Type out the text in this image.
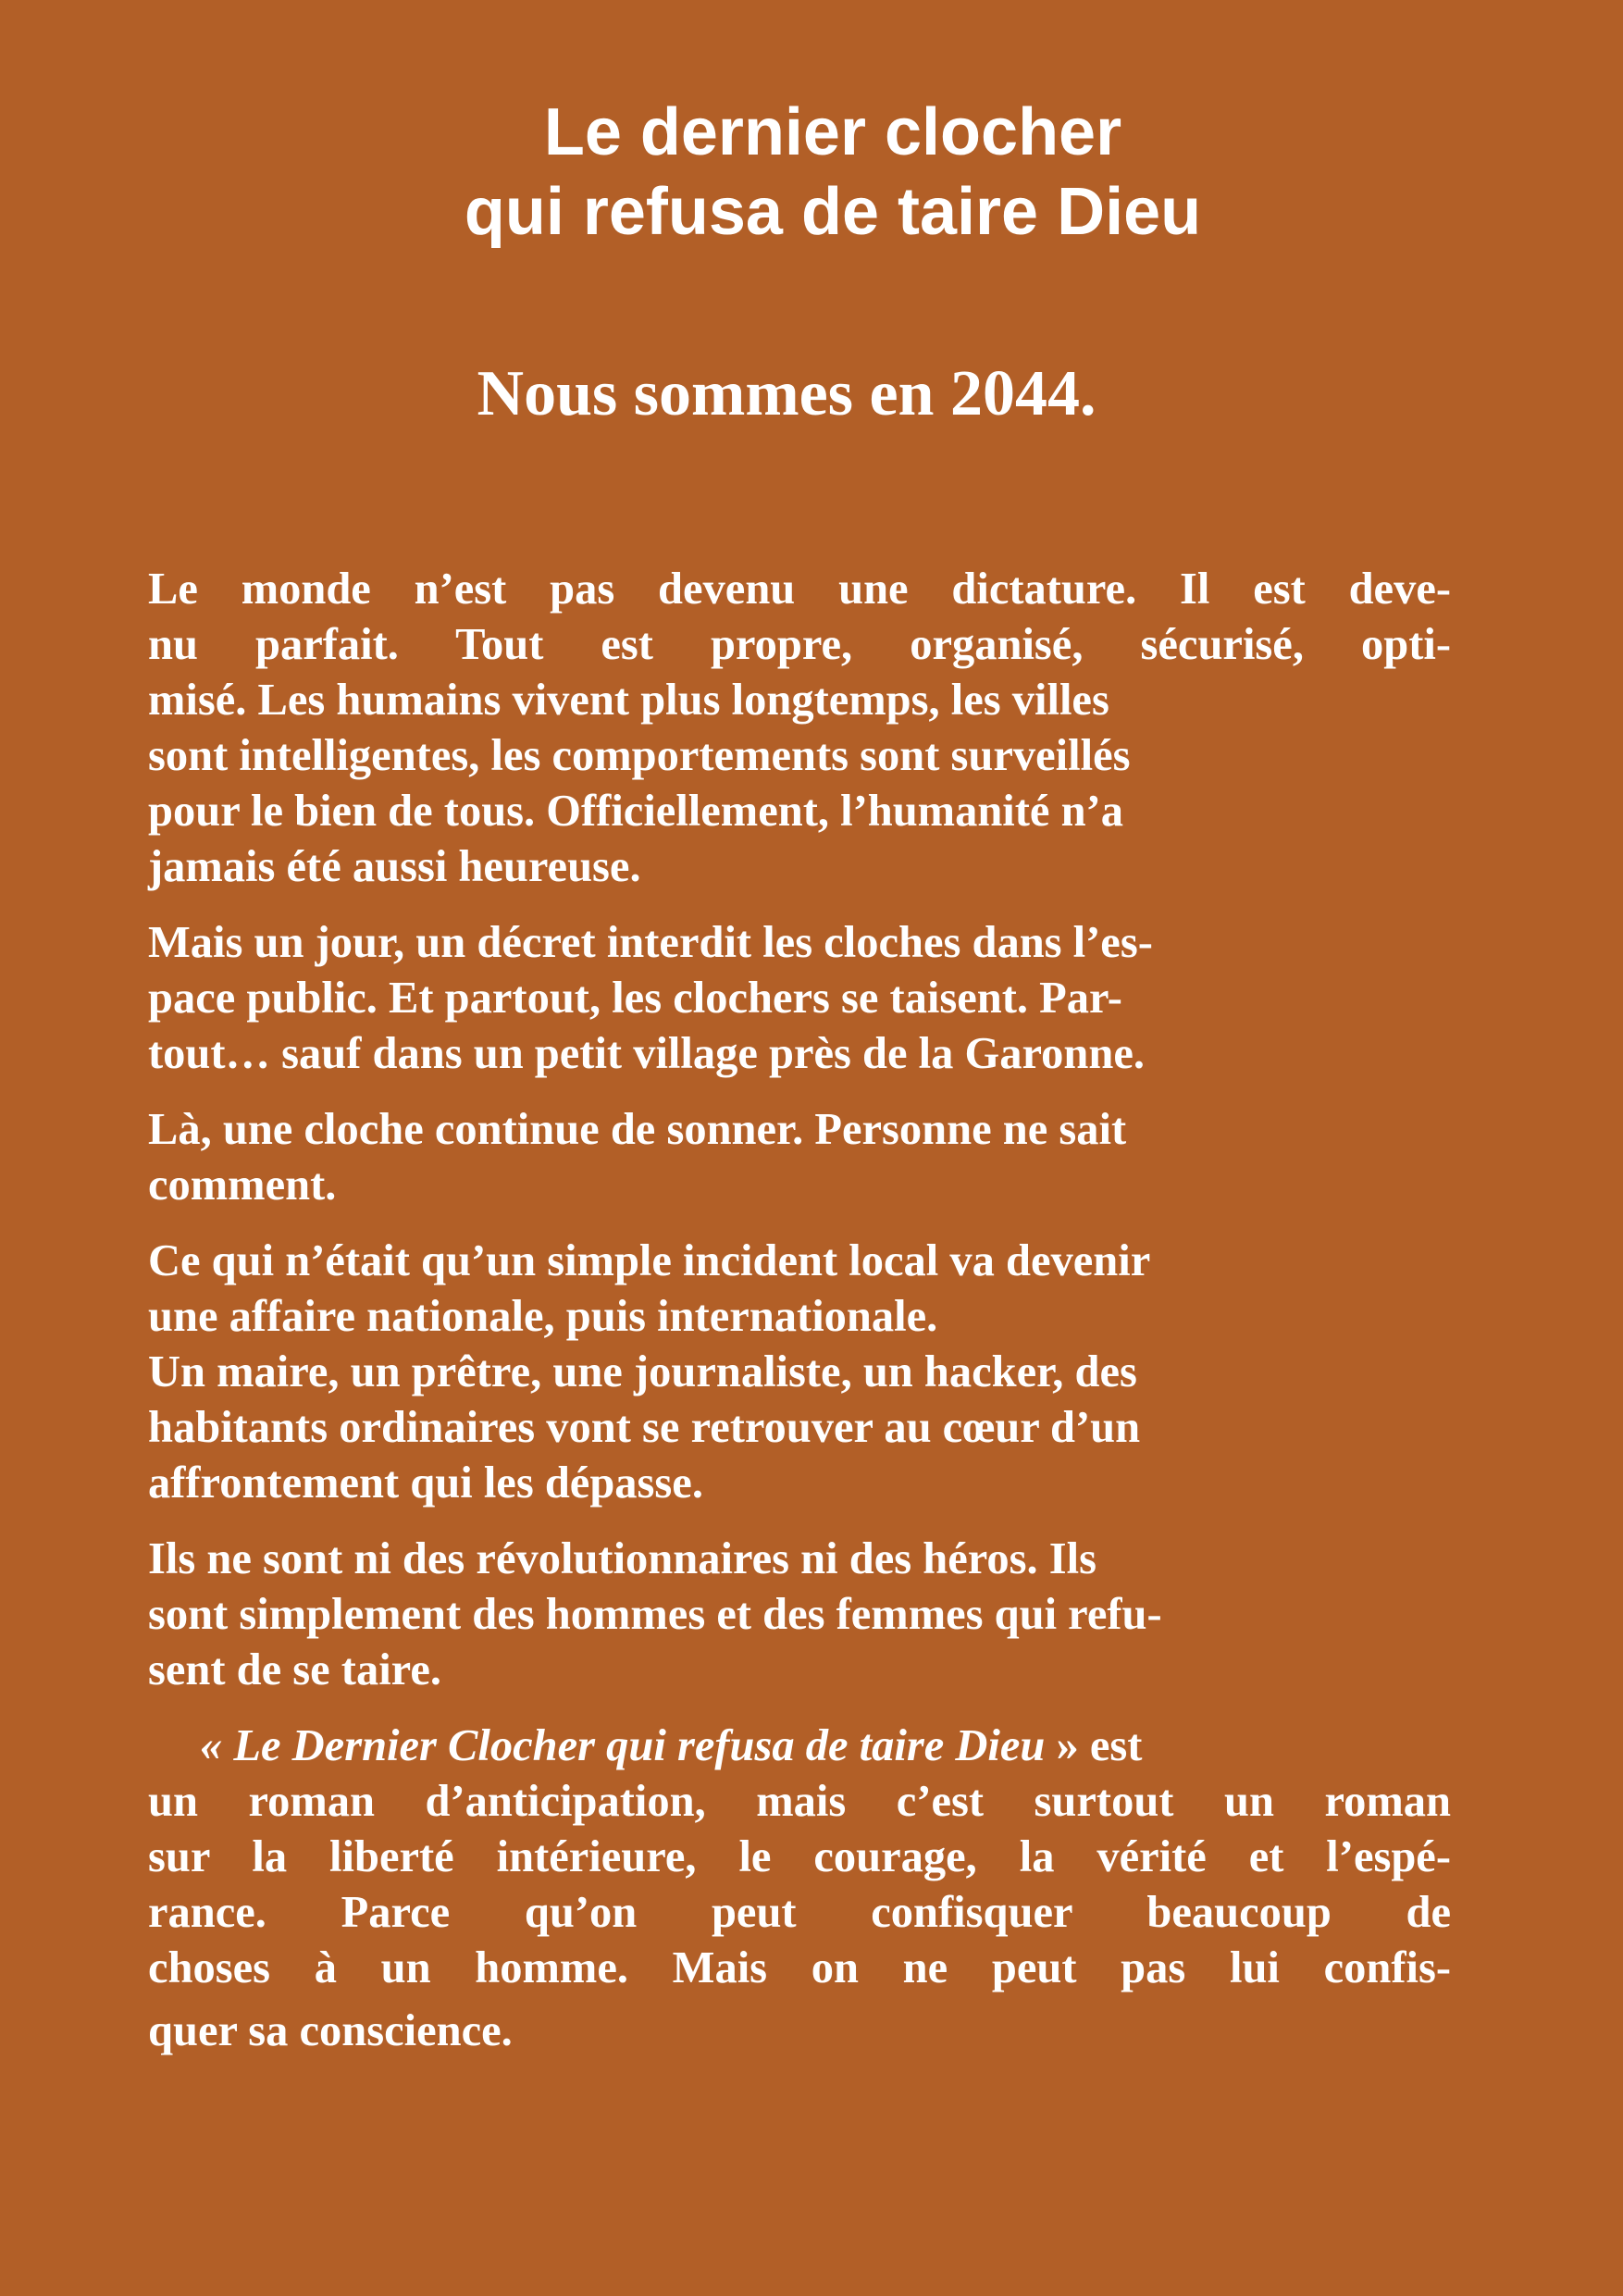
Le dernier clocher
qui refusa de taire Dieu
Nous sommes en 2044.

Le monde n’est pas devenu une dictature. Il est deve-
nu parfait. Tout est propre, organisé, sécurisé, opti-
misé. Les humains vivent plus longtemps, les villes
sont intelligentes, les comportements sont surveillés
pour le bien de tous. Officiellement, l’humanité n’a
jamais été aussi heureuse.

Mais un jour, un décret interdit les cloches dans l’es-
pace public. Et partout, les clochers se taisent. Par-
tout… sauf dans un petit village près de la Garonne.

Là, une cloche continue de sonner. Personne ne sait
comment.

Ce qui n’était qu’un simple incident local va devenir
une affaire nationale, puis internationale.
Un maire, un prêtre, une journaliste, un hacker, des
habitants ordinaires vont se retrouver au cœur d’un
affrontement qui les dépasse.

Ils ne sont ni des révolutionnaires ni des héros. Ils
sont simplement des hommes et des femmes qui refu-
sent de se taire.

« Le Dernier Clocher qui refusa de taire Dieu » est
un roman d’anticipation, mais c’est surtout un roman
sur la liberté intérieure, le courage, la vérité et l’espé-
rance. Parce qu’on peut confisquer beaucoup de
choses à un homme. Mais on ne peut pas lui confis-
quer sa conscience.
